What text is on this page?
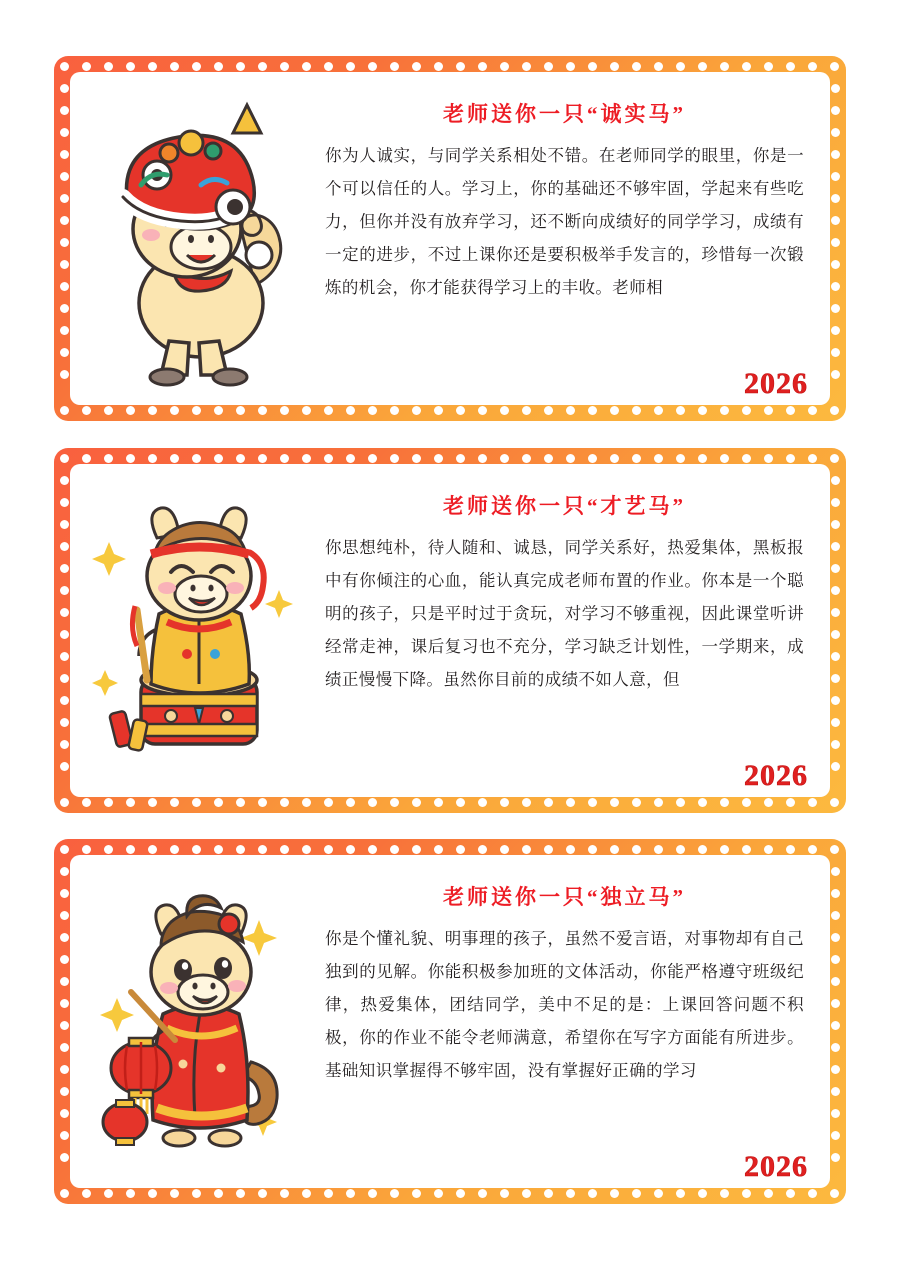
老师送你一只“诚实马”
你为人诚实，与同学关系相处不错。在老师同学的眼里，你是一个可以信任的人。学习上，你的基础还不够牢固，学起来有些吃力，但你并没有放弃学习，还不断向成绩好的同学学习，成绩有一定的进步，不过上课你还是要积极举手发言的，珍惜每一次锻炼的机会，你才能获得学习上的丰收。老师相
2026
老师送你一只“才艺马”
你思想纯朴，待人随和、诚恳，同学关系好，热爱集体，黑板报中有你倾注的心血，能认真完成老师布置的作业。你本是一个聪明的孩子，只是平时过于贪玩，对学习不够重视，因此课堂听讲经常走神，课后复习也不充分，学习缺乏计划性，一学期来，成绩正慢慢下降。虽然你目前的成绩不如人意，但
2026
老师送你一只“独立马”
你是个懂礼貌、明事理的孩子，虽然不爱言语，对事物却有自己独到的见解。你能积极参加班的文体活动，你能严格遵守班级纪律，热爱集体，团结同学，美中不足的是：上课回答问题不积极，你的作业不能令老师满意，希望你在写字方面能有所进步。基础知识掌握得不够牢固，没有掌握好正确的学习
2026
